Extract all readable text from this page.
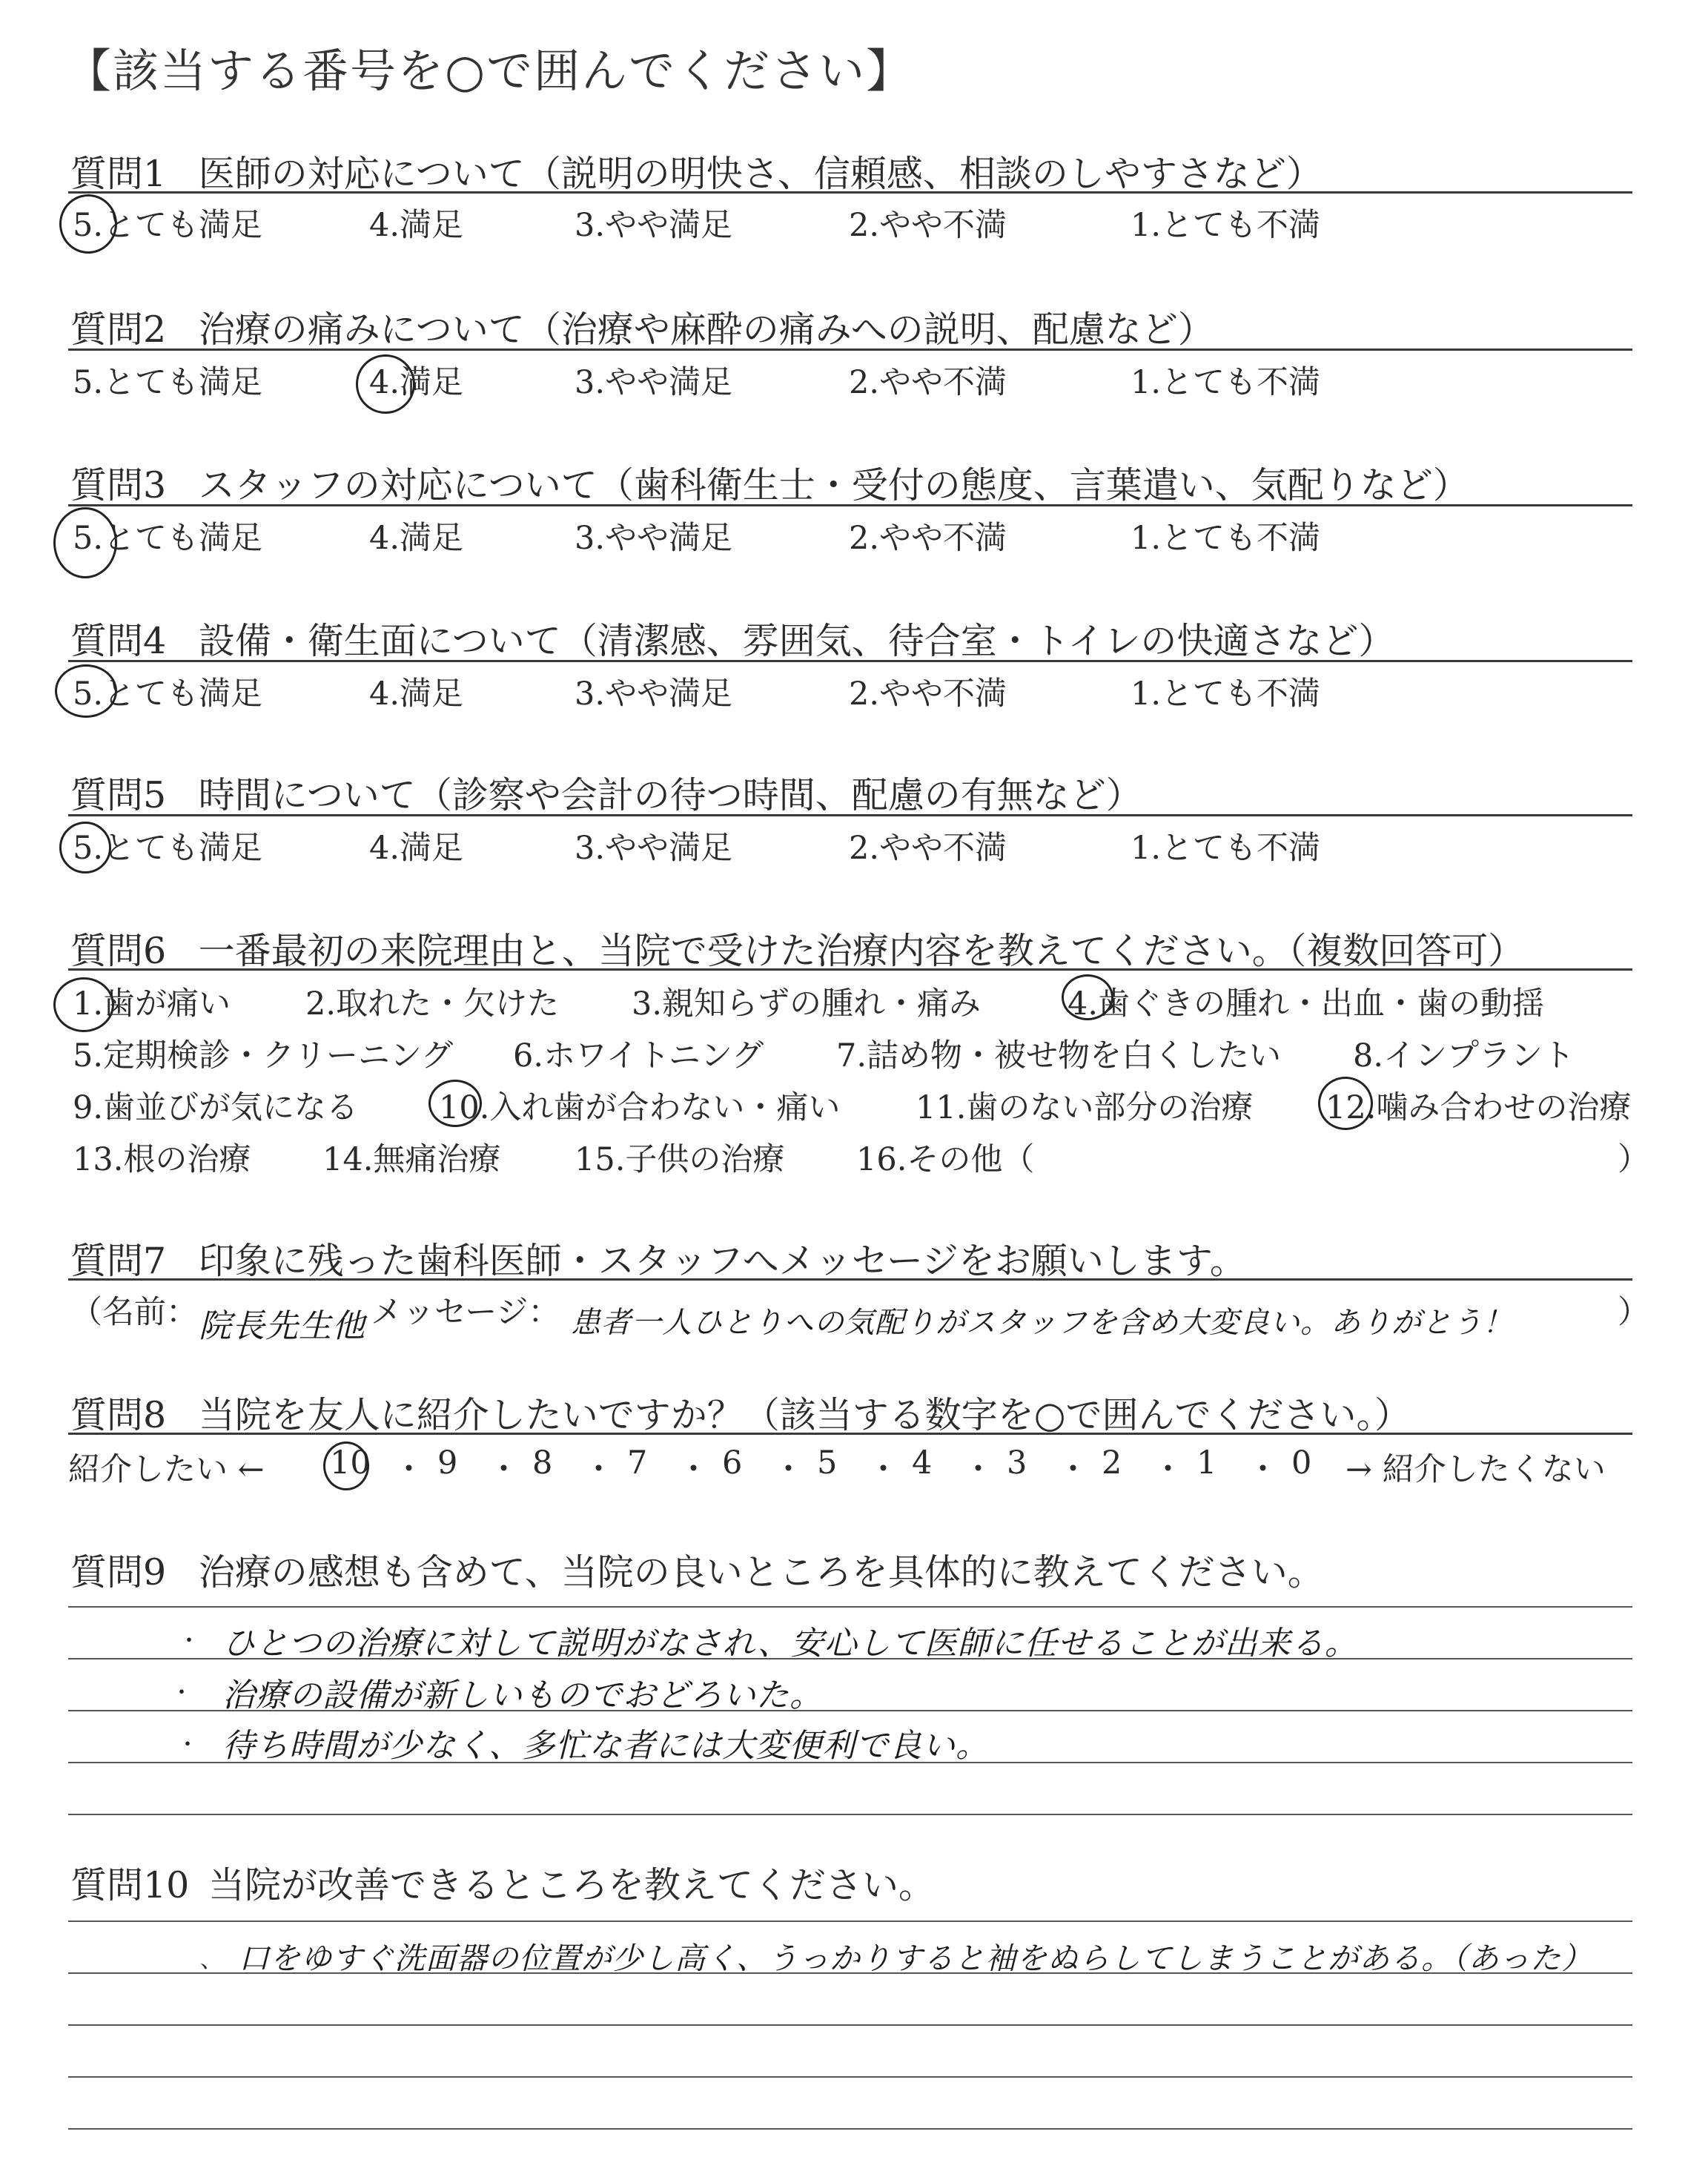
【該当する番号を○で囲んでください】
質問1 医師の対応について（説明の明快さ、信頼感、相談のしやすさなど）
5.とても満足	4.満足	3.やや満足	2.やや不満	1.とても不満
質問2 治療の痛みについて（治療や麻酔の痛みへの説明、配慮など）
5.とても満足	4.満足	3.やや満足	2.やや不満	1.とても不満
質問3 スタッフの対応について（歯科衛生士・受付の態度、言葉遣い、気配りなど）
5.とても満足	4.満足	3.やや満足	2.やや不満	1.とても不満
質問4 設備・衛生面について（清潔感、雰囲気、待合室・トイレの快適さなど）
5.とても満足	4.満足	3.やや満足	2.やや不満	1.とても不満
質問5 時間について（診察や会計の待つ時間、配慮の有無など）
5.とても満足	4.満足	3.やや満足	2.やや不満	1.とても不満
質問6 一番最初の来院理由と、当院で受けた治療内容を教えてください。（複数回答可）
1.歯が痛い 2.取れた・欠けた 3.親知らずの腫れ・痛み	4.歯ぐきの腫れ・出血・歯の動揺
5.定期検診・クリーニング 6.ホワイトニング 7.詰め物・被せ物を白くしたい 8.インプラント
9.歯並びが気になる	10.入れ歯が合わない・痛い 11.歯のない部分の治療 12.噛み合わせの治療
13.根の治療 14.無痛治療 15.子供の治療 16.その他（	）
質問7 印象に残った歯科医師・スタッフへメッセージをお願いします。
（名前： 院長先生他 メッセージ： 患者一人ひとりへの気配りがスタッフを含め大変良い。ありがとう！	）
質問8 当院を友人に紹介したいですか？（該当する数字を○で囲んでください。）
紹介したい ← 10 ・ 9 ・ 8 ・ 7 ・ 6 ・ 5 ・ 4 ・ 3 ・ 2 ・ 1 ・ 0 → 紹介したくない
質問9 治療の感想も含めて、当院の良いところを具体的に教えてください。
・ ひとつの治療に対して説明がなされ、安心して医師に任せることが出来る。
・ 治療の設備が新しいものでおどろいた。
・ 待ち時間が少なく、多忙な者には大変便利で良い。
質問10 当院が改善できるところを教えてください。
、 口をゆすぐ洗面器の位置が少し高く、うっかりすると袖をぬらしてしまうことがある。（あった）
